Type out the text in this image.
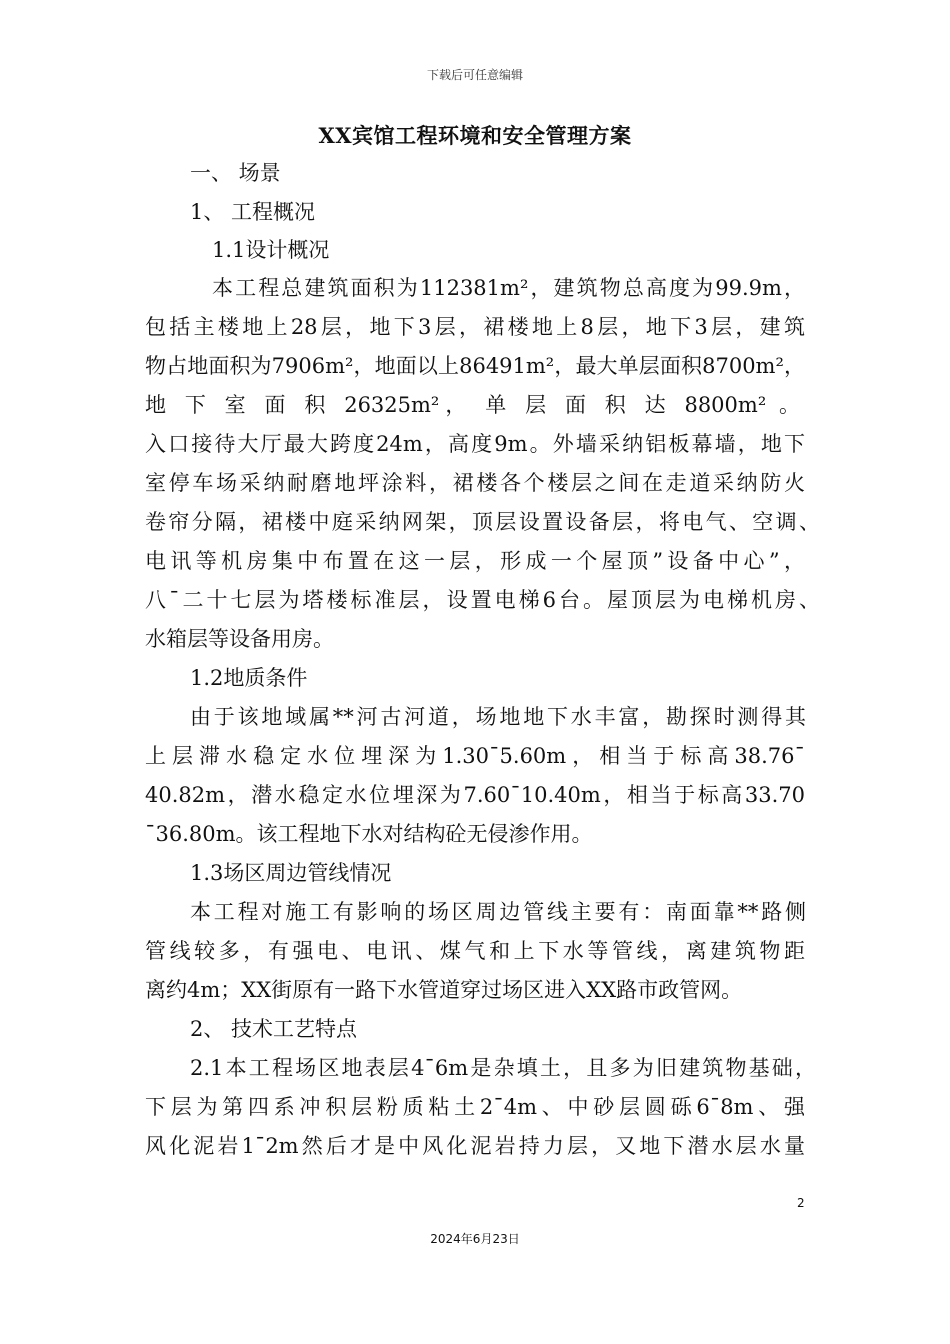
下载后可任意编辑
XX宾馆工程环境和安全管理方案
一、 场景
1、 工程概况
1.1设计概况
本工程总建筑面积为112381m²，建筑物总高度为99.9m，
包括主楼地上28层，地下3层，裙楼地上8层，地下3层，建筑
物占地面积为7906m²，地面以上86491m²，最大单层面积8700m²，
地 下 室 面 积 26325m²， 单 层 面 积 达 8800m² 。
入口接待大厅最大跨度24m，高度9m。外墙采纳铝板幕墙，地下
室停车场采纳耐磨地坪涂料，裙楼各个楼层之间在走道采纳防火
卷帘分隔，裙楼中庭采纳网架，顶层设置设备层，将电气、空调、
电讯等机房集中布置在这一层，形成一个屋顶”设备中心”，
八¯二十七层为塔楼标准层，设置电梯6台。屋顶层为电梯机房、
水箱层等设备用房。
1.2地质条件
由于该地域属**河古河道，场地地下水丰富，勘探时测得其
上层滞水稳定水位埋深为1.30¯5.60m，相当于标高38.76¯
40.82m，潜水稳定水位埋深为7.60¯10.40m，相当于标高33.70
¯36.80m。该工程地下水对结构砼无侵渗作用。
1.3场区周边管线情况
本工程对施工有影响的场区周边管线主要有：南面靠**路侧
管线较多，有强电、电讯、煤气和上下水等管线，离建筑物距
离约4m；XX街原有一路下水管道穿过场区进入XX路市政管网。
2、 技术工艺特点
2.1本工程场区地表层4¯6m是杂填土，且多为旧建筑物基础，
下层为第四系冲积层粉质粘土2¯4m、中砂层圆砾6¯8m、强
风化泥岩1¯2m然后才是中风化泥岩持力层，又地下潜水层水量
2
2024年6月23日
